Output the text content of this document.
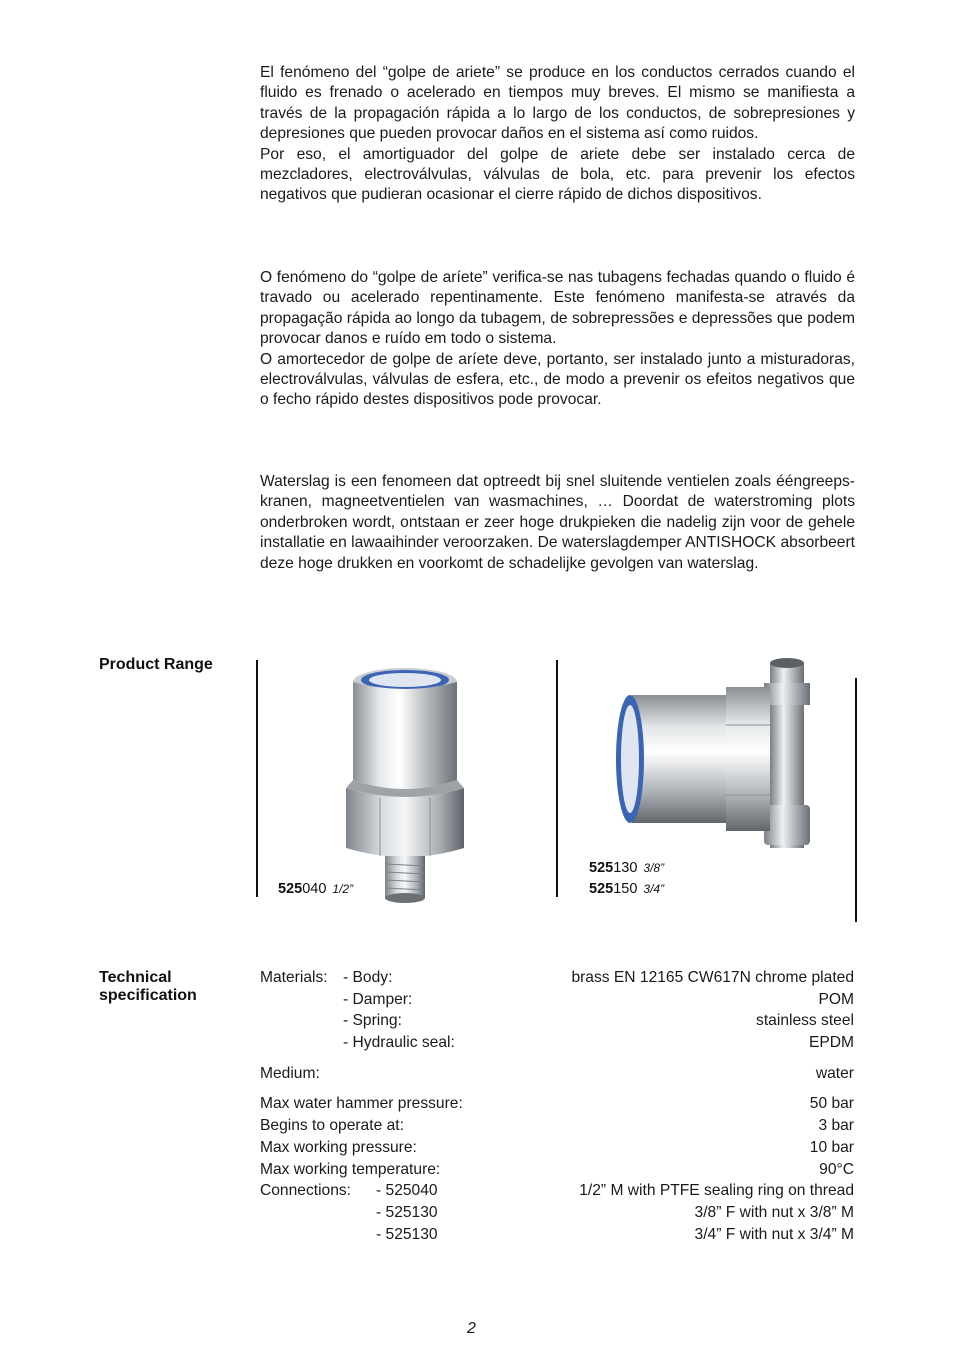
El fenómeno del “golpe de ariete” se produce en los conductos cerrados cuando el fluido es frenado o acelerado en tiempos muy breves. El mismo se manifiesta a través de la propagación rápida a lo largo de los conductos, de sobrepresiones y depresiones que pueden provocar daños en el sistema así como ruidos.

Por eso, el amortiguador del golpe de ariete debe ser instalado cerca de mezcladores, electroválvulas, válvulas de bola, etc. para prevenir los efectos negativos que pudieran ocasionar el cierre rápido de dichos dispositivos.

O fenómeno do “golpe de aríete” verifica-se nas tubagens fechadas quando o fluido é travado ou acelerado repentinamente. Este fenómeno manifesta-se através da propagação rápida ao longo da tubagem, de sobrepressões e depressões que podem provocar danos e ruído em todo o sistema.

O amortecedor de golpe de aríete deve, portanto, ser instalado junto a misturadoras, electroválvulas, válvulas de esfera, etc., de modo a prevenir os efeitos negativos que o fecho rápido destes dispositivos pode provocar.

Waterslag is een fenomeen dat optreedt bij snel sluitende ventielen zoals ééngreeps-kranen, magneetventielen van wasmachines, … Doordat de waterstroming plots onderbroken wordt, ontstaan er zeer hoge drukpieken die nadelig zijn voor de gehele installatie en lawaaihinder veroorzaken. De waterslagdemper ANTISHOCK absorbeert deze hoge drukken en voorkomt de schadelijke gevolgen van waterslag.

Product Range
525040 1/2”
525130 3/8”
525150 3/4”
Technical
specification
Materials: - Body:	brass EN 12165 CW617N chrome plated
- Damper:	POM
- Spring:	stainless steel
- Hydraulic seal:	EPDM
Medium:	water
Max water hammer pressure:	50 bar
Begins to operate at:	3 bar
Max working pressure:	10 bar
Max working temperature:	90°C
Connections: - 525040	1/2” M with PTFE sealing ring on thread
- 525130	3/8” F with nut x 3/8” M
- 525130	3/4” F with nut x 3/4” M
2
